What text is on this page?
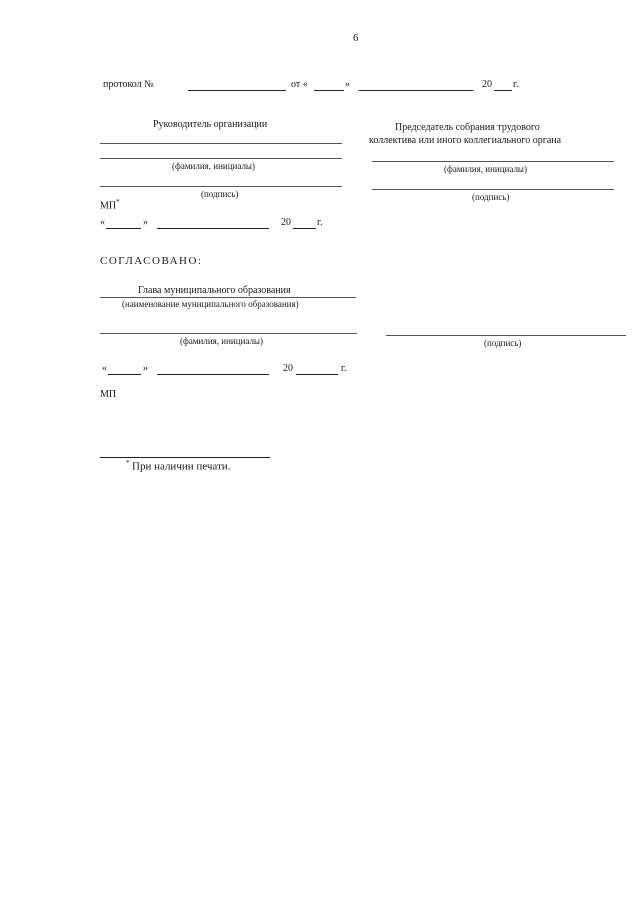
6
протокол №	от «	»	20 г.
Руководитель организации
(фамилия, инициалы)
(подпись)
МП*
«	»	20	г.
Председатель собрания трудового
коллектива или иного коллегиального органа
(фамилия, инициалы)
(подпись)
СОГЛАСОВАНО:
Глава муниципального образования
(наименование муниципального образования)
(фамилия, инициалы)	(подпись)
«	»	20	г.
МП
* При наличии печати.
